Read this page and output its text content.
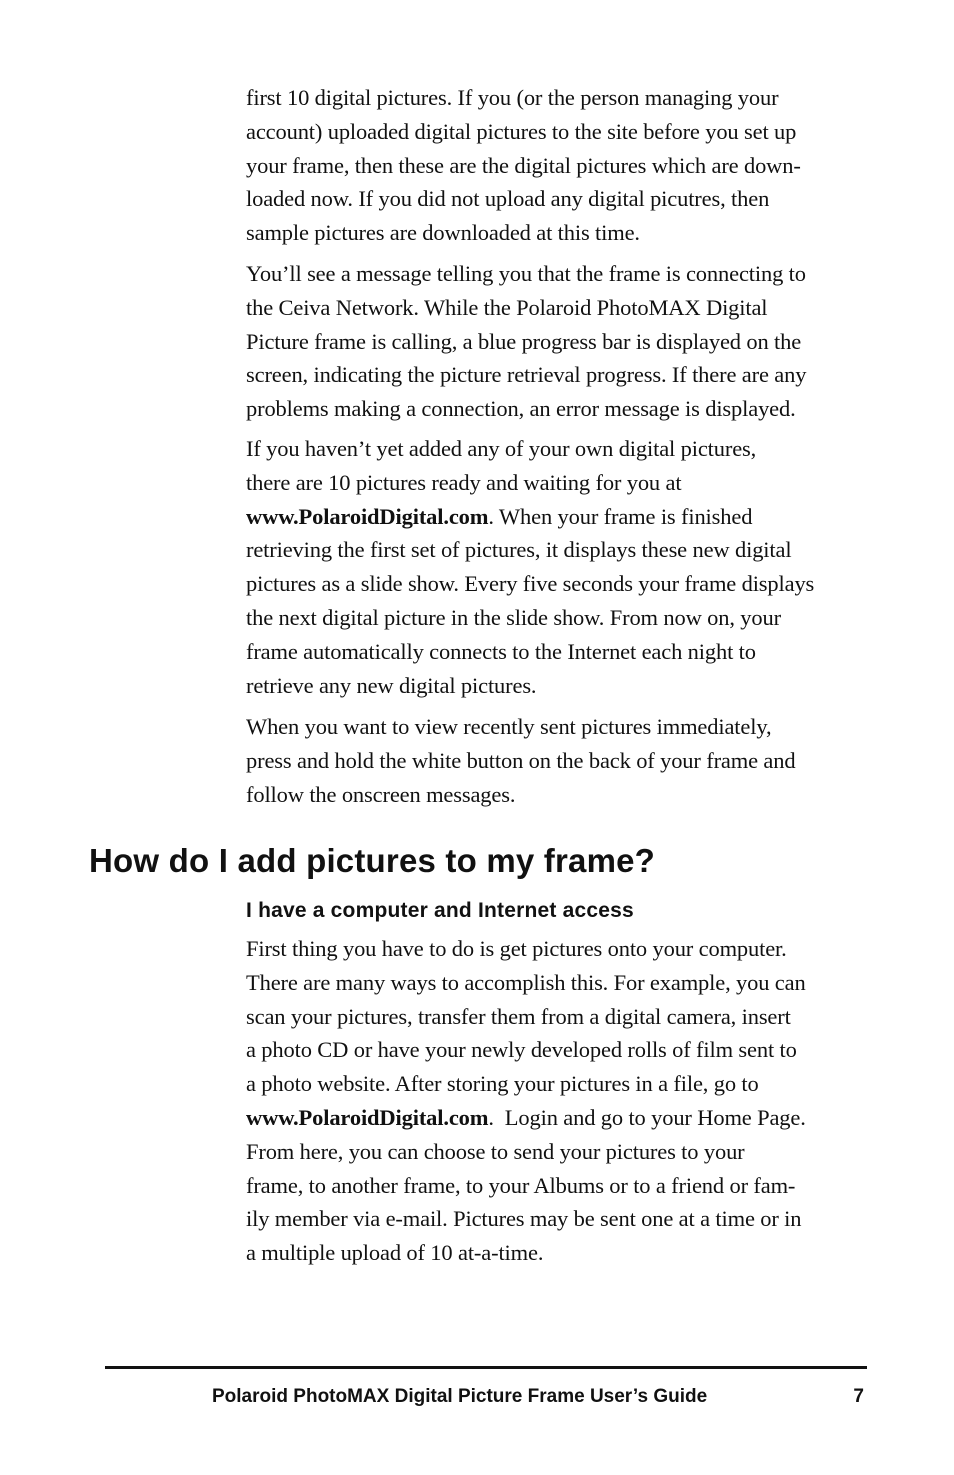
first 10 digital pictures. If you (or the person managing your
account) uploaded digital pictures to the site before you set up
your frame, then these are the digital pictures which are down-
loaded now. If you did not upload any digital picutres, then
sample pictures are downloaded at this time.

You’ll see a message telling you that the frame is connecting to
the Ceiva Network. While the Polaroid PhotoMAX Digital
Picture frame is calling, a blue progress bar is displayed on the
screen, indicating the picture retrieval progress. If there are any
problems making a connection, an error message is displayed.

If you haven’t yet added any of your own digital pictures,
there are 10 pictures ready and waiting for you at
www.PolaroidDigital.com. When your frame is finished
retrieving the first set of pictures, it displays these new digital
pictures as a slide show. Every five seconds your frame displays
the next digital picture in the slide show. From now on, your
frame automatically connects to the Internet each night to
retrieve any new digital pictures.

When you want to view recently sent pictures immediately,
press and hold the white button on the back of your frame and
follow the onscreen messages.

How do I add pictures to my frame?
I have a computer and Internet access

First thing you have to do is get pictures onto your computer.
There are many ways to accomplish this. For example, you can
scan your pictures, transfer them from a digital camera, insert
a photo CD or have your newly developed rolls of film sent to
a photo website. After storing your pictures in a file, go to
www.PolaroidDigital.com.  Login and go to your Home Page.
From here, you can choose to send your pictures to your
frame, to another frame, to your Albums or to a friend or fam-
ily member via e-mail. Pictures may be sent one at a time or in
a multiple upload of 10 at-a-time.

Polaroid PhotoMAX Digital Picture Frame User’s Guide	7
